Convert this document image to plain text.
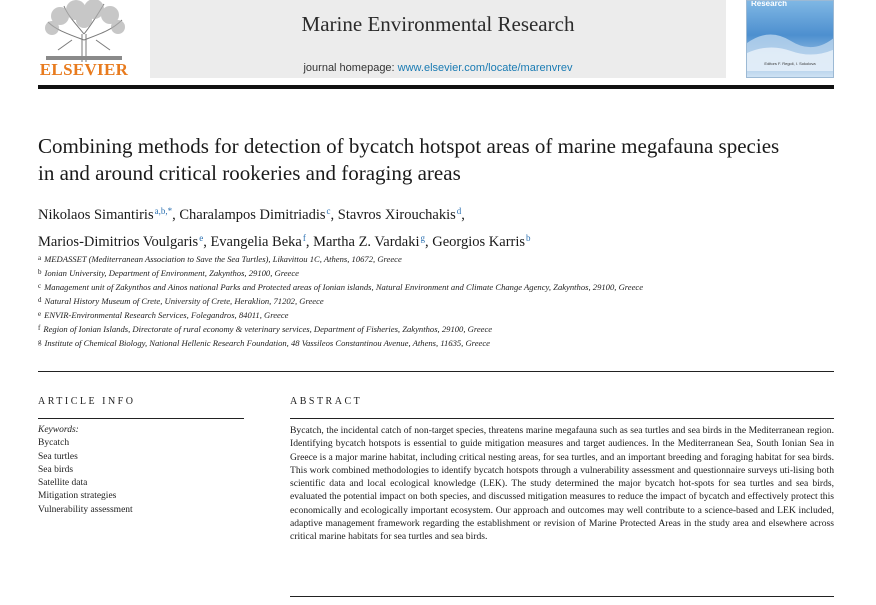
ELSEVIER
Marine Environmental Research
journal homepage: www.elsevier.com/locate/marenvrev
Research
Editors F. Regoli, I. Sokolova
Combining methods for detection of bycatch hotspot areas of marine megafauna species in and around critical rookeries and foraging areas
Nikolaos Simantiris$^{a,b,*}$, Charalampos Dimitriadis$^c$, Stavros Xirouchakis$^d$,
Marios-Dimitrios Voulgaris$^e$, Evangelia Beka$^f$, Martha Z. Vardaki$^g$, Georgios Karris$^b$
$^a$ MEDASSET (Mediterranean Association to Save the Sea Turtles), Likavittou 1C, Athens, 10672, Greece
$^b$ Ionian University, Department of Environment, Zakynthos, 29100, Greece
$^c$ Management unit of Zakynthos and Ainos national Parks and Protected areas of Ionian islands, Natural Environment and Climate Change Agency, Zakynthos, 29100, Greece
$^d$ Natural History Museum of Crete, University of Crete, Heraklion, 71202, Greece
$^e$ ENVIR-Environmental Research Services, Folegandros, 84011, Greece
$^f$ Region of Ionian Islands, Directorate of rural economy & veterinary services, Department of Fisheries, Zakynthos, 29100, Greece
$^g$ Institute of Chemical Biology, National Hellenic Research Foundation, 48 Vassileos Constantinou Avenue, Athens, 11635, Greece
ARTICLE INFO
Keywords:
Bycatch
Sea turtles
Sea birds
Satellite data
Mitigation strategies
Vulnerability assessment
ABSTRACT
Bycatch, the incidental catch of non-target species, threatens marine megafauna such as sea turtles and sea birds in the Mediterranean region. Identifying bycatch hotspots is essential to guide mitigation measures and target audiences. In the Mediterranean Sea, South Ionian Sea in Greece is a major marine habitat, including critical nesting areas, for sea turtles, and an important breeding and foraging habitat for sea birds. This work combined methodologies to identify bycatch hotspots through a vulnerability assessment and questionnaire surveys uti-lising both scientific data and local ecological knowledge (LEK). The study determined the major bycatch hot-spots for sea turtles and sea birds, evaluated the potential impact on both species, and discussed mitigation measures to reduce the impact of bycatch and effectively protect this economically and ecologically important ecosystem. Our approach and outcomes may well contribute to a science-based and LEK included, adaptive management framework regarding the establishment or revision of Marine Protected Areas in the study area and elsewhere across critical marine habitats for sea turtles and sea birds.
